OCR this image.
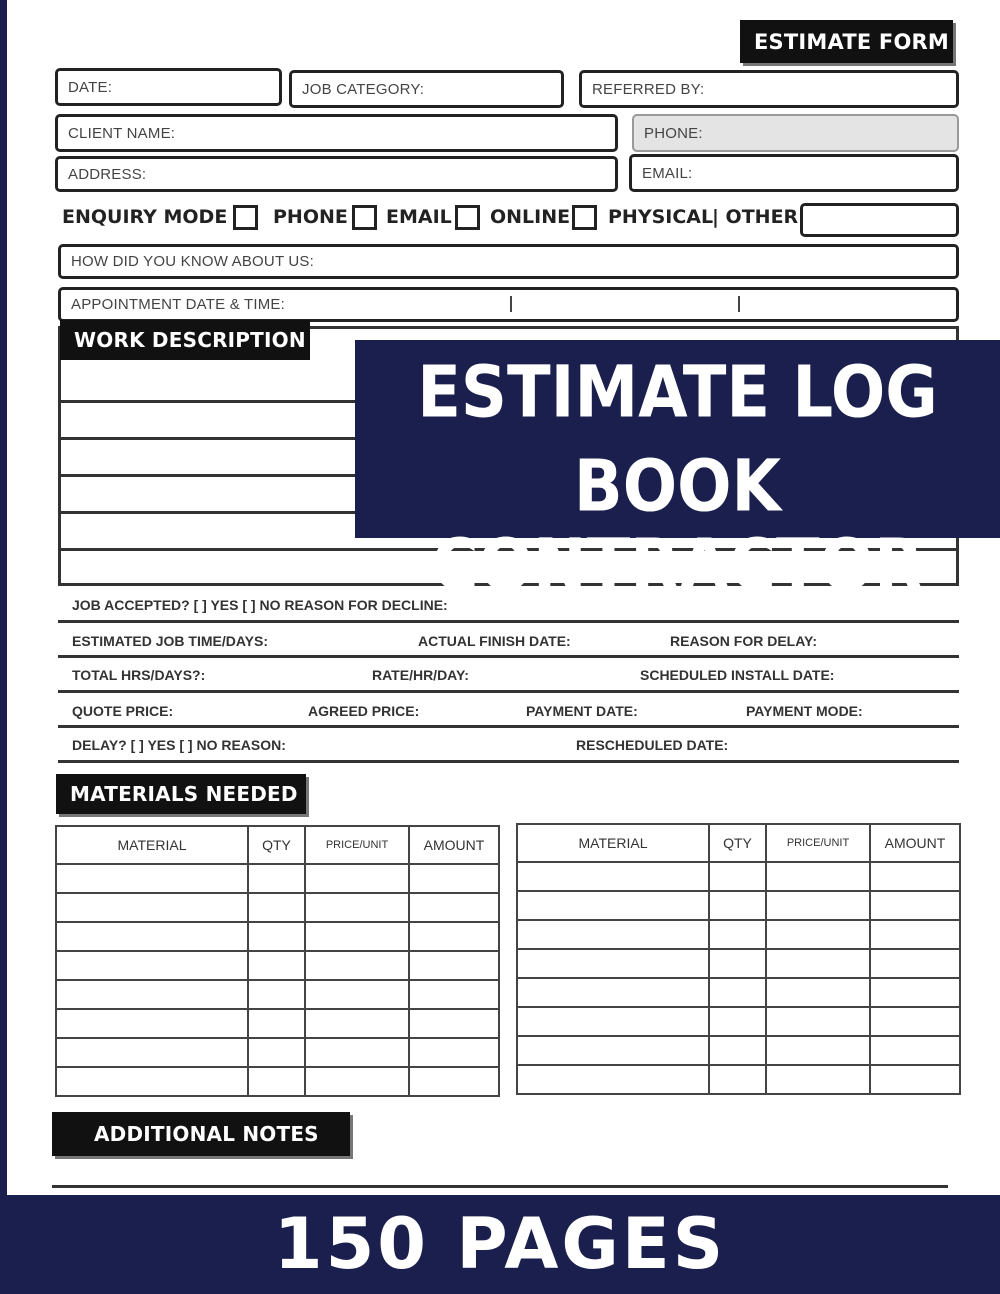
ESTIMATE FORM
DATE:	JOB CATEGORY:	REFERRED BY:
CLIENT NAME:	PHONE:
ADDRESS:	EMAIL:
ENQUIRY MODE PHONE EMAIL ONLINE PHYSICAL
| OTHER
HOW DID YOU KNOW ABOUT US:
APPOINTMENT DATE & TIME:
WORK DESCRIPTION
ESTIMATE LOG BOOK
CONTRACTOR
JOB ACCEPTED? [ ] YES [ ] NO REASON FOR DECLINE:
ESTIMATED JOB TIME/DAYS:	ACTUAL FINISH DATE:	REASON FOR DELAY:
TOTAL HRS/DAYS?:	RATE/HR/DAY:	SCHEDULED INSTALL DATE:
QUOTE PRICE:	AGREED PRICE:	PAYMENT DATE:	PAYMENT MODE:
DELAY? [ ] YES [ ] NO REASON:	RESCHEDULED DATE:
MATERIALS NEEDED
MATERIAL	QTY	PRICE/UNIT	AMOUNT

				MATERIAL	QTY	PRICE/UNIT	AMOUNT

ADDITIONAL NOTES
150 PAGES
